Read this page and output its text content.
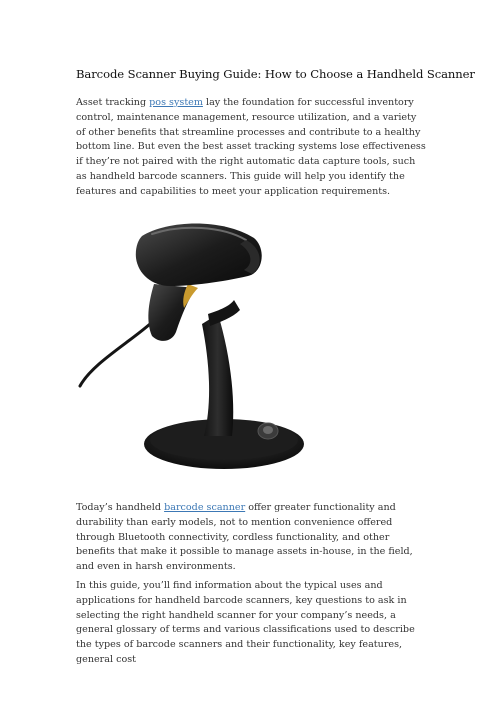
Barcode Scanner Buying Guide: How to Choose a Handheld Scanner

Asset tracking pos system lay the foundation for successful inventory control, maintenance management, resource utilization, and a variety of other benefits that streamline processes and contribute to a healthy bottom line. But even the best asset tracking systems lose effectiveness if they’re not paired with the right automatic data capture tools, such as handheld barcode scanners. This guide will help you identify the features and capabilities to meet your application requirements.

Today’s handheld barcode scanner offer greater functionality and durability than early models, not to mention convenience offered through Bluetooth connectivity, cordless functionality, and other benefits that make it possible to manage assets in-house, in the field, and even in harsh environments.

In this guide, you’ll find information about the typical uses and applications for handheld barcode scanners, key questions to ask in selecting the right handheld scanner for your company’s needs, a general glossary of terms and various classifications used to describe the types of barcode scanners and their functionality, key features, general cost
